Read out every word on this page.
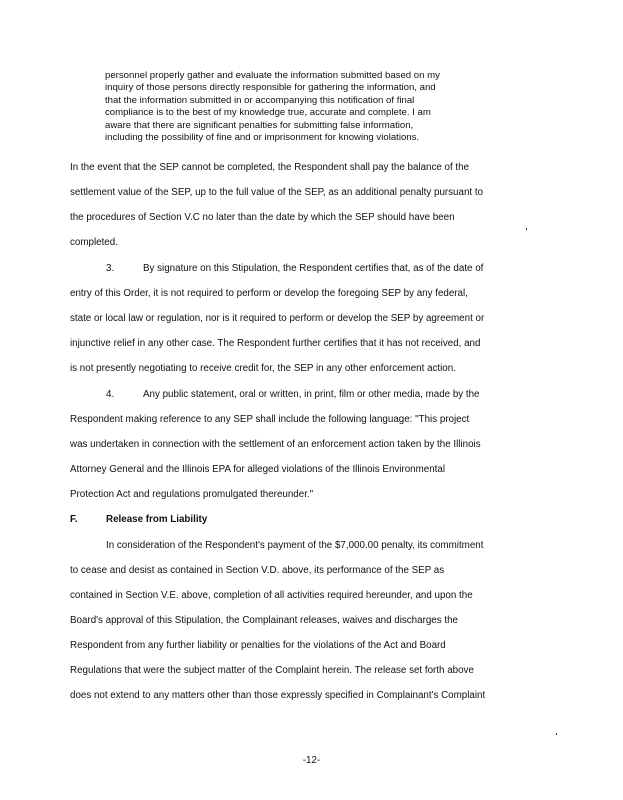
personnel properly gather and evaluate the information submitted based on my
inquiry of those persons directly responsible for gathering the information, and
that the information submitted in or accompanying this notification of final
compliance is to the best of my knowledge true, accurate and complete. I am
aware that there are significant penalties for submitting false information,
including the possibility of fine and or imprisonment for knowing violations.
In the event that the SEP cannot be completed, the Respondent shall pay the balance of the
settlement value of the SEP, up to the full value of the SEP, as an additional penalty pursuant to
the procedures of Section V.C no later than the date by which the SEP should have been
completed.
3.	By signature on this Stipulation, the Respondent certifies that, as of the date of
entry of this Order, it is not required to perform or develop the foregoing SEP by any federal,
state or local law or regulation, nor is it required to perform or develop the SEP by agreement or
injunctive relief in any other case. The Respondent further certifies that it has not received, and
is not presently negotiating to receive credit for, the SEP in any other enforcement action.
4.	Any public statement, oral or written, in print, film or other media, made by the
Respondent making reference to any SEP shall include the following language: "This project
was undertaken in connection with the settlement of an enforcement action taken by the Illinois
Attorney General and the Illinois EPA for alleged violations of the Illinois Environmental
Protection Act and regulations promulgated thereunder."
F.	Release from Liability
In consideration of the Respondent's payment of the $7,000.00 penalty, its commitment
to cease and desist as contained in Section V.D. above, its performance of the SEP as
contained in Section V.E. above, completion of all activities required hereunder, and upon the
Board's approval of this Stipulation, the Complainant releases, waives and discharges the
Respondent from any further liability or penalties for the violations of the Act and Board
Regulations that were the subject matter of the Complaint herein. The release set forth above
does not extend to any matters other than those expressly specified in Complainant's Complaint
-12-
